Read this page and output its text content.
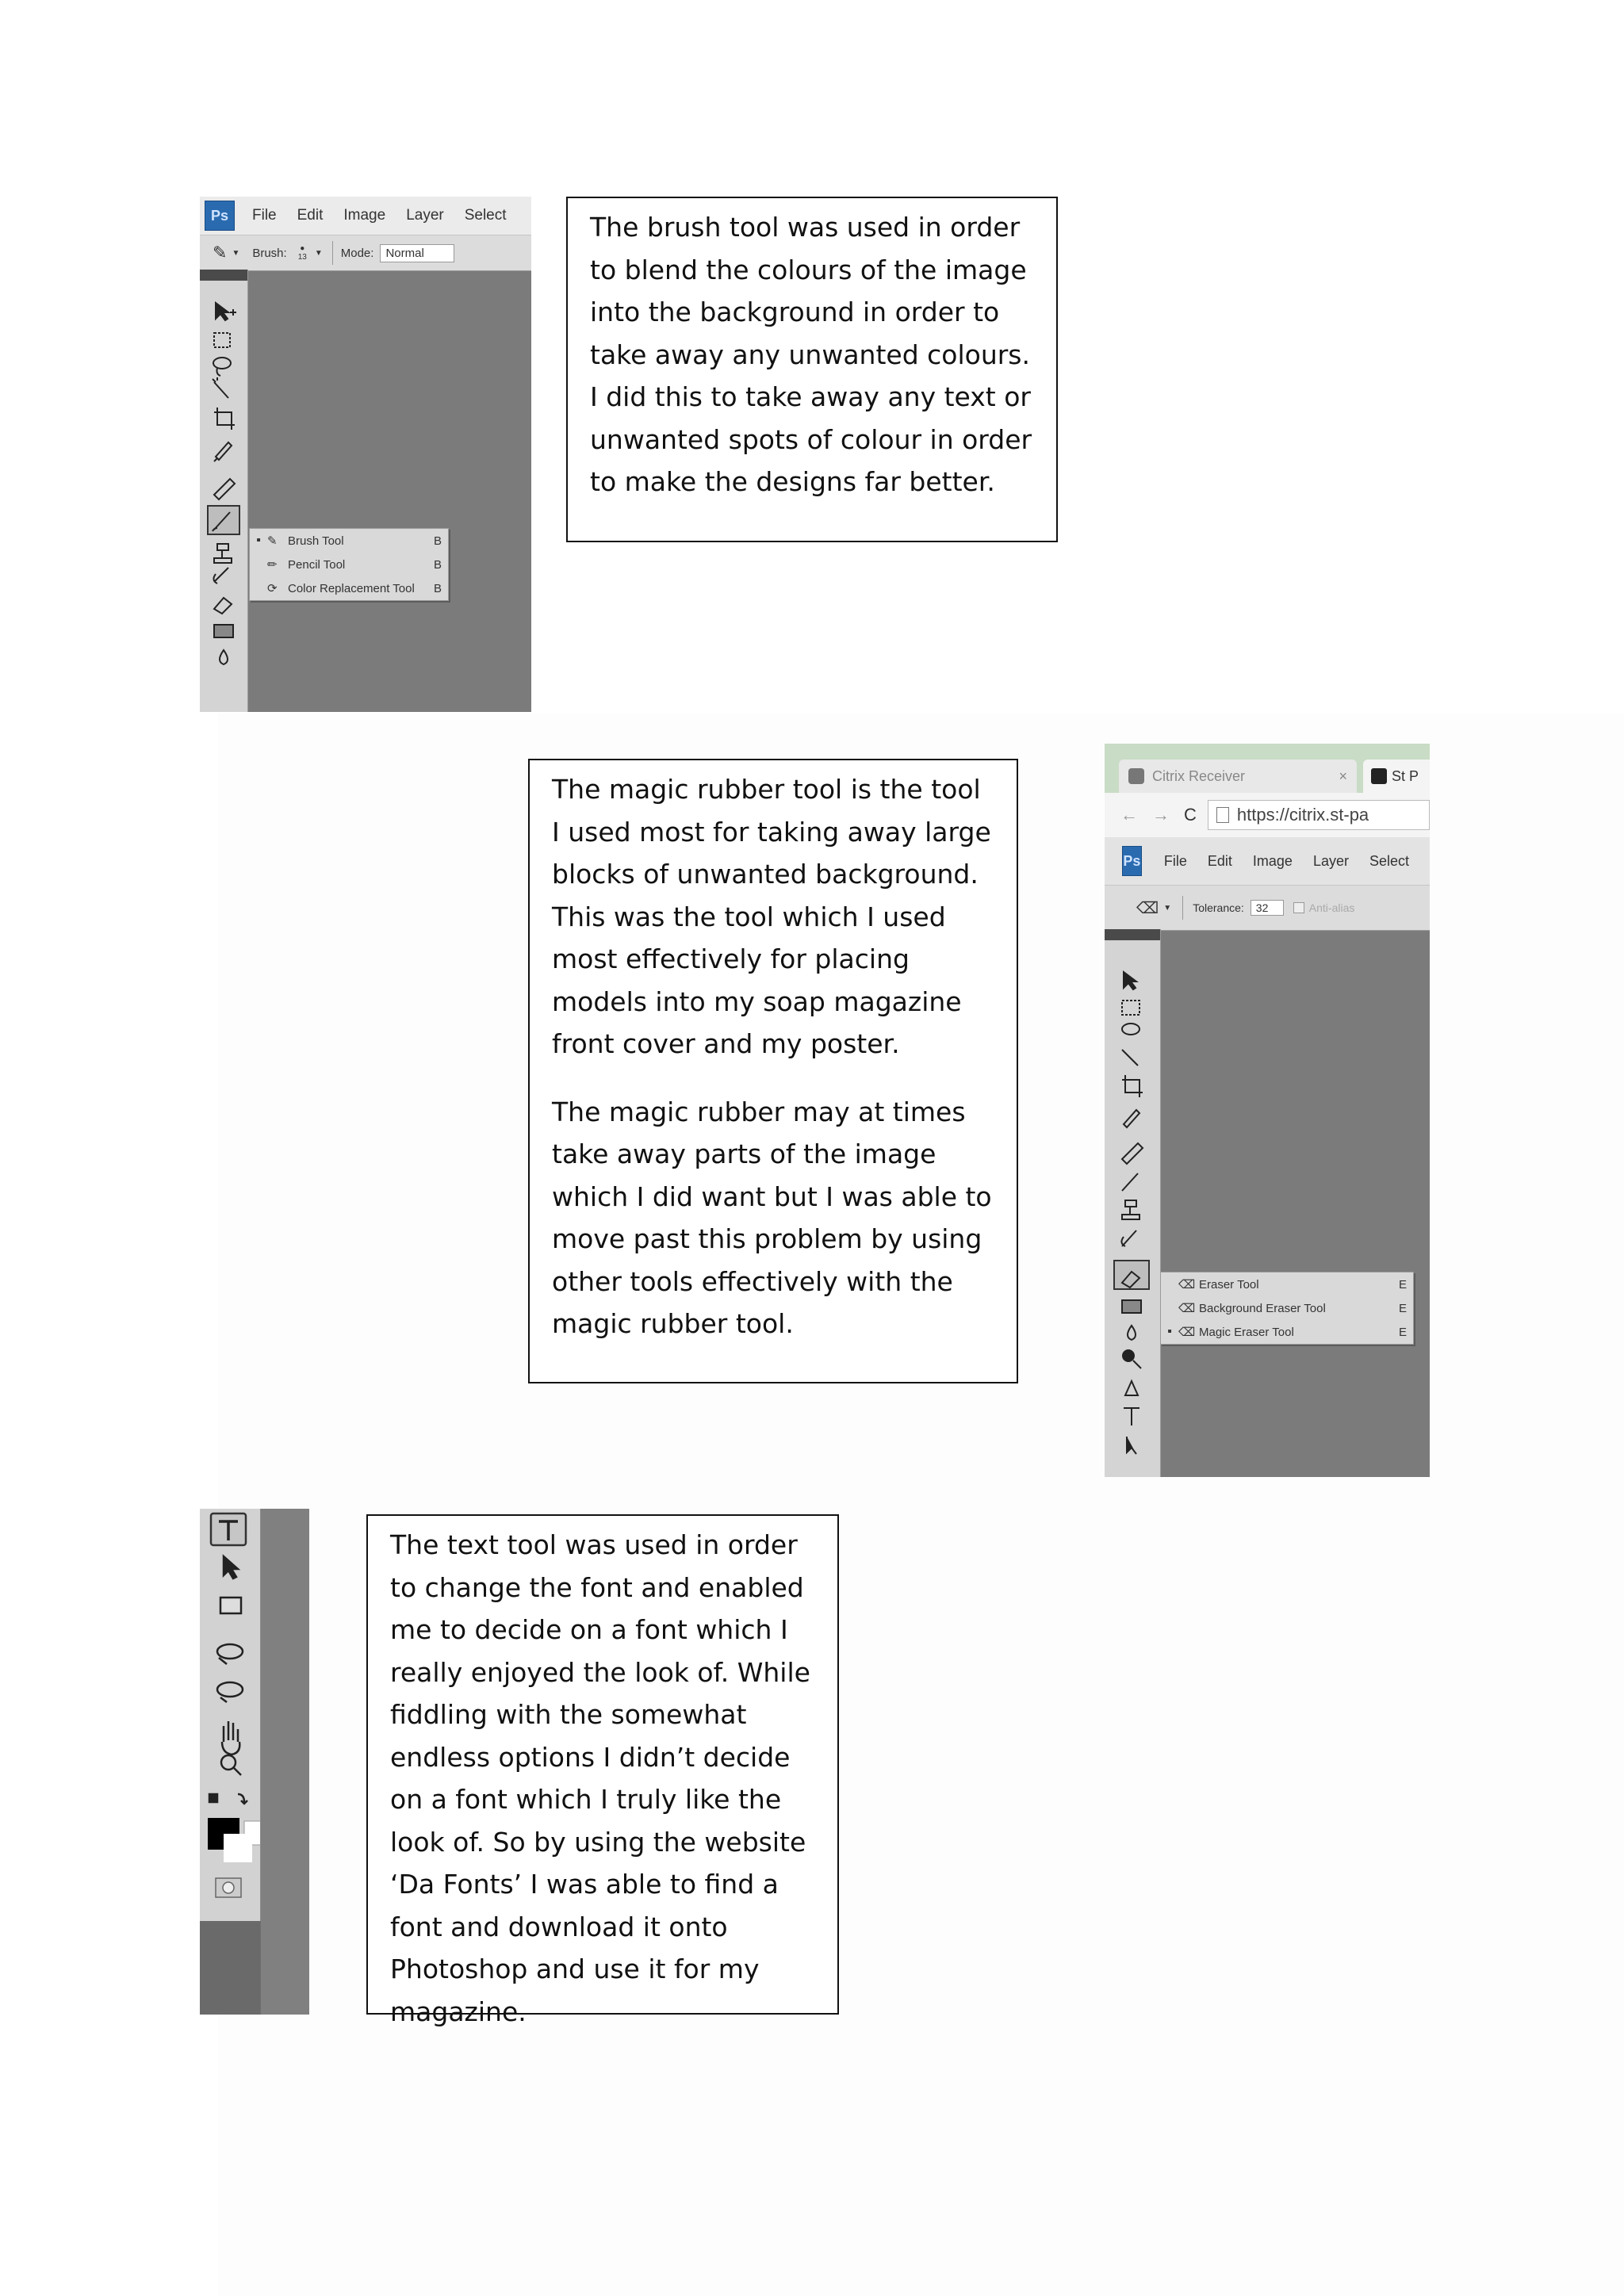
Ps	File Edit Image Layer Select
✎ ▼ Brush: ●
13 ▼ Mode:	Normal
▪ ✎ Brush Tool	B
✏ Pencil Tool	B
⟳ Color Replacement Tool	B

The brush tool was used in order to blend the colours of the image into the background in order to take away any unwanted colours. I did this to take away any text or unwanted spots of colour in order to make the designs far better.

The magic rubber tool is the tool I used most for taking away large blocks of unwanted background. This was the tool which I used most effectively for placing models into my soap magazine front cover and my poster.

The magic rubber may at times take away parts of the image which I did want but I was able to move past this problem by using other tools effectively with the magic rubber tool.

Citrix Receiver	×	St P
← → C https://citrix.st-pa
Ps File Edit Image Layer Select
⌫ ▼ Tolerance:	32	Anti-alias
⌫ Eraser Tool	E
⌫ Background Eraser Tool	E
▪ ⌫ Magic Eraser Tool	E

The text tool was used in order to change the font and enabled me to decide on a font which I really enjoyed the look of. While fiddling with the somewhat endless options I didn’t decide on a font which I truly like the look of. So by using the website ‘Da Fonts’ I was able to find a font and download it onto Photoshop and use it for my magazine.
